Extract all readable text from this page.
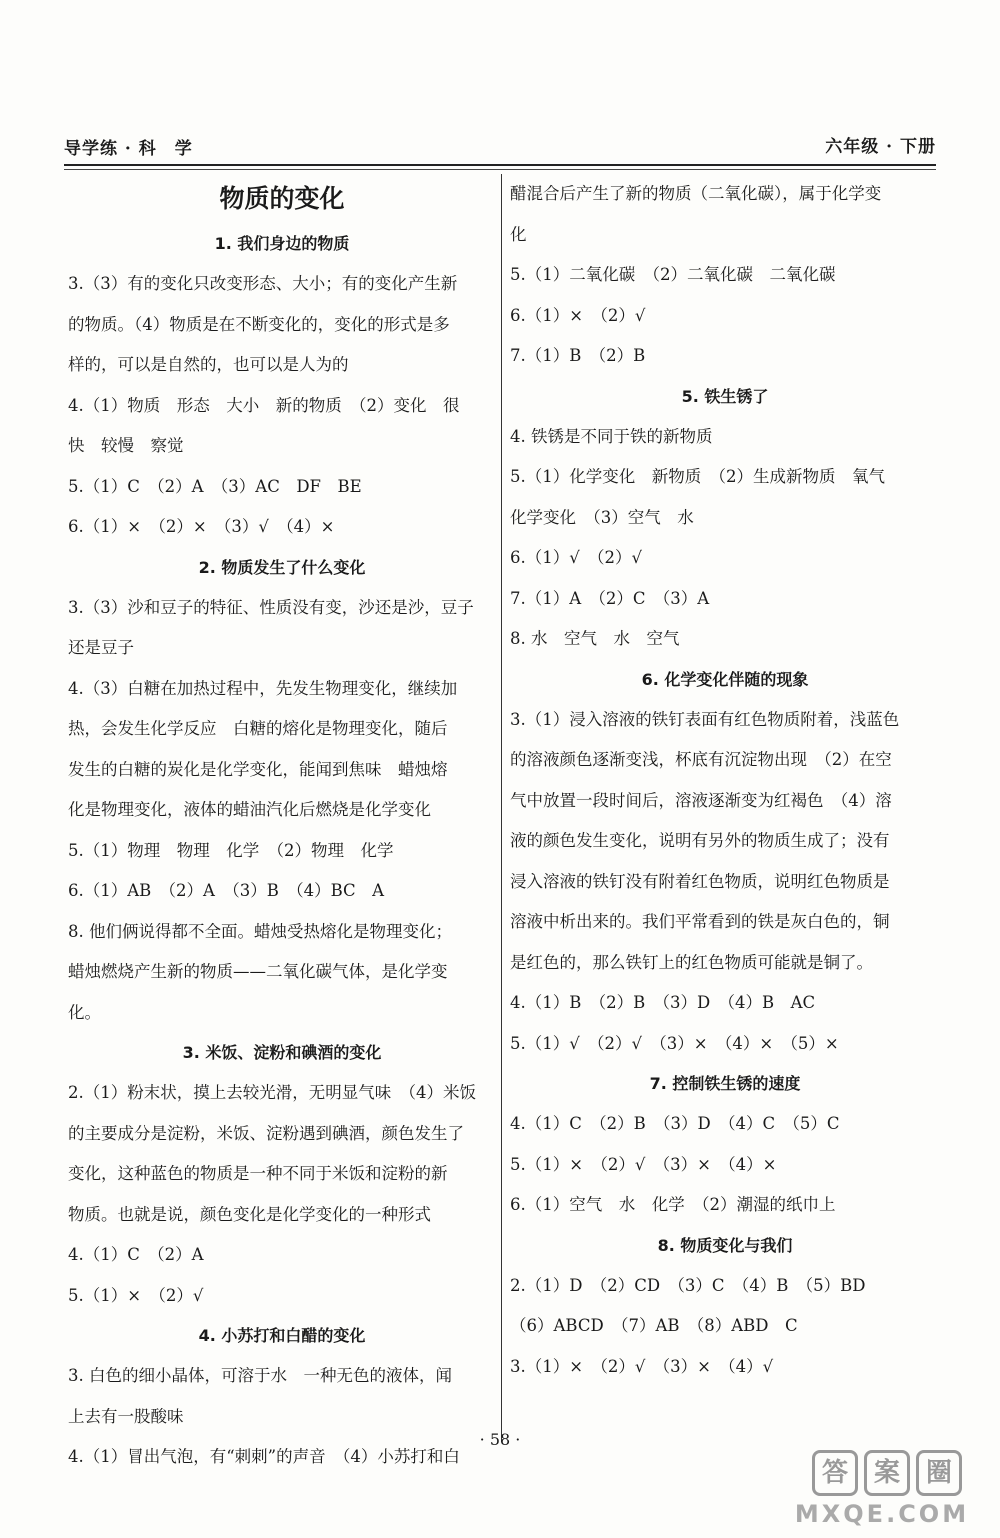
导学练 · 科　学	六年级 · 下册
物质的变化
1. 我们身边的物质
3.（3）有的变化只改变形态、大小；有的变化产生新
的物质。（4）物质是在不断变化的，变化的形式是多
样的，可以是自然的，也可以是人为的
4.（1）物质　形态　大小　新的物质　（2）变化　很
快　较慢　察觉
5.（1）C　（2）A　（3）AC　DF　BE
6.（1）×　（2）×　（3）√　（4）×
2. 物质发生了什么变化
3.（3）沙和豆子的特征、性质没有变，沙还是沙，豆子
还是豆子
4.（3）白糖在加热过程中，先发生物理变化，继续加
热，会发生化学反应　白糖的熔化是物理变化，随后
发生的白糖的炭化是化学变化，能闻到焦味　蜡烛熔
化是物理变化，液体的蜡油汽化后燃烧是化学变化
5.（1）物理　物理　化学　（2）物理　化学
6.（1）AB　（2）A　（3）B　（4）BC　A
8. 他们俩说得都不全面。蜡烛受热熔化是物理变化；
蜡烛燃烧产生新的物质——二氧化碳气体，是化学变
化。
3. 米饭、淀粉和碘酒的变化
2.（1）粉末状，摸上去较光滑，无明显气味　（4）米饭
的主要成分是淀粉，米饭、淀粉遇到碘酒，颜色发生了
变化，这种蓝色的物质是一种不同于米饭和淀粉的新
物质。也就是说，颜色变化是化学变化的一种形式
4.（1）C　（2）A
5.（1）×　（2）√
4. 小苏打和白醋的变化
3. 白色的细小晶体，可溶于水　一种无色的液体，闻
上去有一股酸味
4.（1）冒出气泡，有“刺刺”的声音　（4）小苏打和白
醋混合后产生了新的物质（二氧化碳），属于化学变
化
5.（1）二氧化碳　（2）二氧化碳　二氧化碳
6.（1）×　（2）√
7.（1）B　（2）B
5. 铁生锈了
4. 铁锈是不同于铁的新物质
5.（1）化学变化　新物质　（2）生成新物质　氧气
化学变化　（3）空气　水
6.（1）√　（2）√
7.（1）A　（2）C　（3）A
8. 水　空气　水　空气
6. 化学变化伴随的现象
3.（1）浸入溶液的铁钉表面有红色物质附着，浅蓝色
的溶液颜色逐渐变浅，杯底有沉淀物出现　（2）在空
气中放置一段时间后，溶液逐渐变为红褐色　（4）溶
液的颜色发生变化，说明有另外的物质生成了；没有
浸入溶液的铁钉没有附着红色物质，说明红色物质是
溶液中析出来的。我们平常看到的铁是灰白色的，铜
是红色的，那么铁钉上的红色物质可能就是铜了。
4.（1）B　（2）B　（3）D　（4）B　AC
5.（1）√　（2）√　（3）×　（4）×　（5）×
7. 控制铁生锈的速度
4.（1）C　（2）B　（3）D　（4）C　（5）C
5.（1）×　（2）√　（3）×　（4）×
6.（1）空气　水　化学　（2）潮湿的纸巾上
8. 物质变化与我们
2.（1）D　（2）CD　（3）C　（4）B　（5）BD
（6）ABCD　（7）AB　（8）ABD　C
3.（1）×　（2）√　（3）×　（4）√
· 58 ·
答 案 圈
MXQE.COM
